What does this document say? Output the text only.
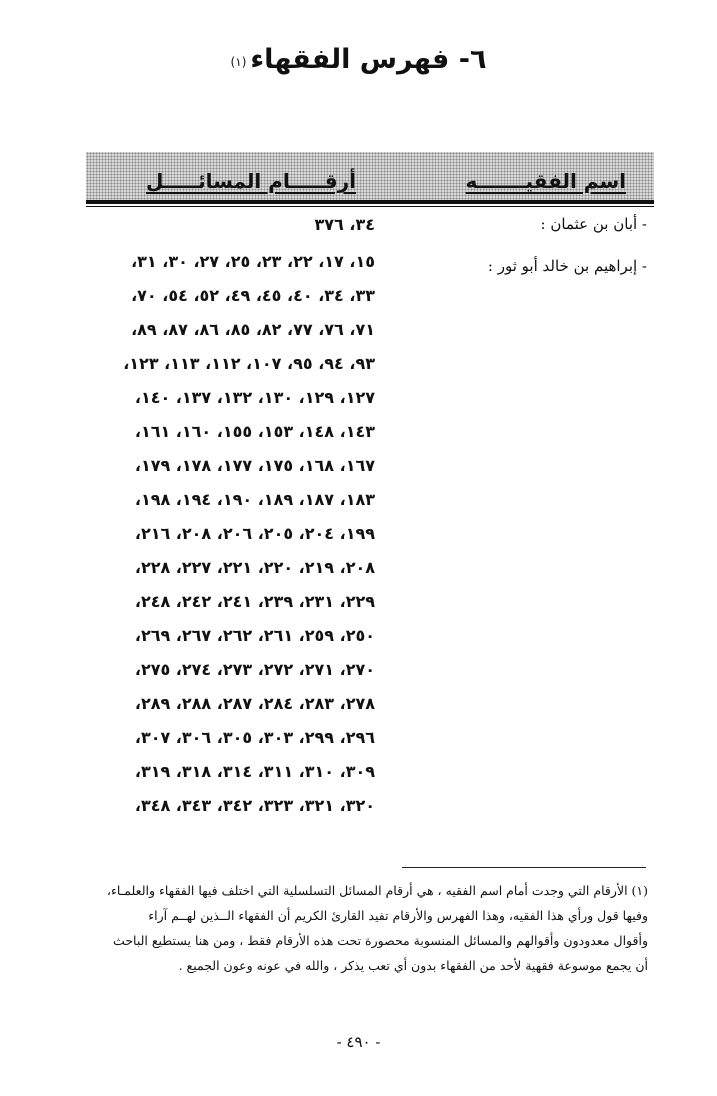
٦- فهرس الفقهاء$^{(١)}$
اسم الفقيـــــــه
أرقـــــام المسائـــــل
- أبان بن عثمان :
- إبراهيم بن خالد أبو ثور :
٣٤، ٣٧٦
١٥، ١٧، ٢٢، ٢٣، ٢٥، ٢٧، ٣٠، ٣١،
٣٣، ٣٤، ٤٠، ٤٥، ٤٩، ٥٢، ٥٤، ٧٠،
٧١، ٧٦، ٧٧، ٨٢، ٨٥، ٨٦، ٨٧، ٨٩،
٩٣، ٩٤، ٩٥، ١٠٧، ١١٢، ١١٣، ١٢٣،
١٢٧، ١٢٩، ١٣٠، ١٣٢، ١٣٧، ١٤٠،
١٤٣، ١٤٨، ١٥٣، ١٥٥، ١٦٠، ١٦١،
١٦٧، ١٦٨، ١٧٥، ١٧٧، ١٧٨، ١٧٩،
١٨٣، ١٨٧، ١٨٩، ١٩٠، ١٩٤، ١٩٨،
١٩٩، ٢٠٤، ٢٠٥، ٢٠٦، ٢٠٨، ٢١٦،
٢٠٨، ٢١٩، ٢٢٠، ٢٢١، ٢٢٧، ٢٢٨،
٢٢٩، ٢٣١، ٢٣٩، ٢٤١، ٢٤٢، ٢٤٨،
٢٥٠، ٢٥٩، ٢٦١، ٢٦٢، ٢٦٧، ٢٦٩،
٢٧٠، ٢٧١، ٢٧٢، ٢٧٣، ٢٧٤، ٢٧٥،
٢٧٨، ٢٨٣، ٢٨٤، ٢٨٧، ٢٨٨، ٢٨٩،
٢٩٦، ٢٩٩، ٣٠٣، ٣٠٥، ٣٠٦، ٣٠٧،
٣٠٩، ٣١٠، ٣١١، ٣١٤، ٣١٨، ٣١٩،
٣٢٠، ٣٢١، ٣٢٣، ٣٤٢، ٣٤٣، ٣٤٨،

(١) الأرقام التي وجدت أمام اسم الفقيه ، هي أرقام المسائل التسلسلية التي اختلف فيها الفقهاء والعلمـاء،

وفيها قول ورأي هذا الفقيه، وهذا الفهرس والأرقام تفيد القارئ الكريم أن الفقهاء الــذين لهــم آراء

وأقوال معدودون وأقوالهم والمسائل المنسوبة محصورة تحت هذه الأرقام فقط ، ومن هنا يستطيع الباحث

أن يجمع موسوعة فقهية لأحد من الفقهاء بدون أي تعب يذكر ، والله في عونه وعون الجميع .

- ٤٩٠ -
